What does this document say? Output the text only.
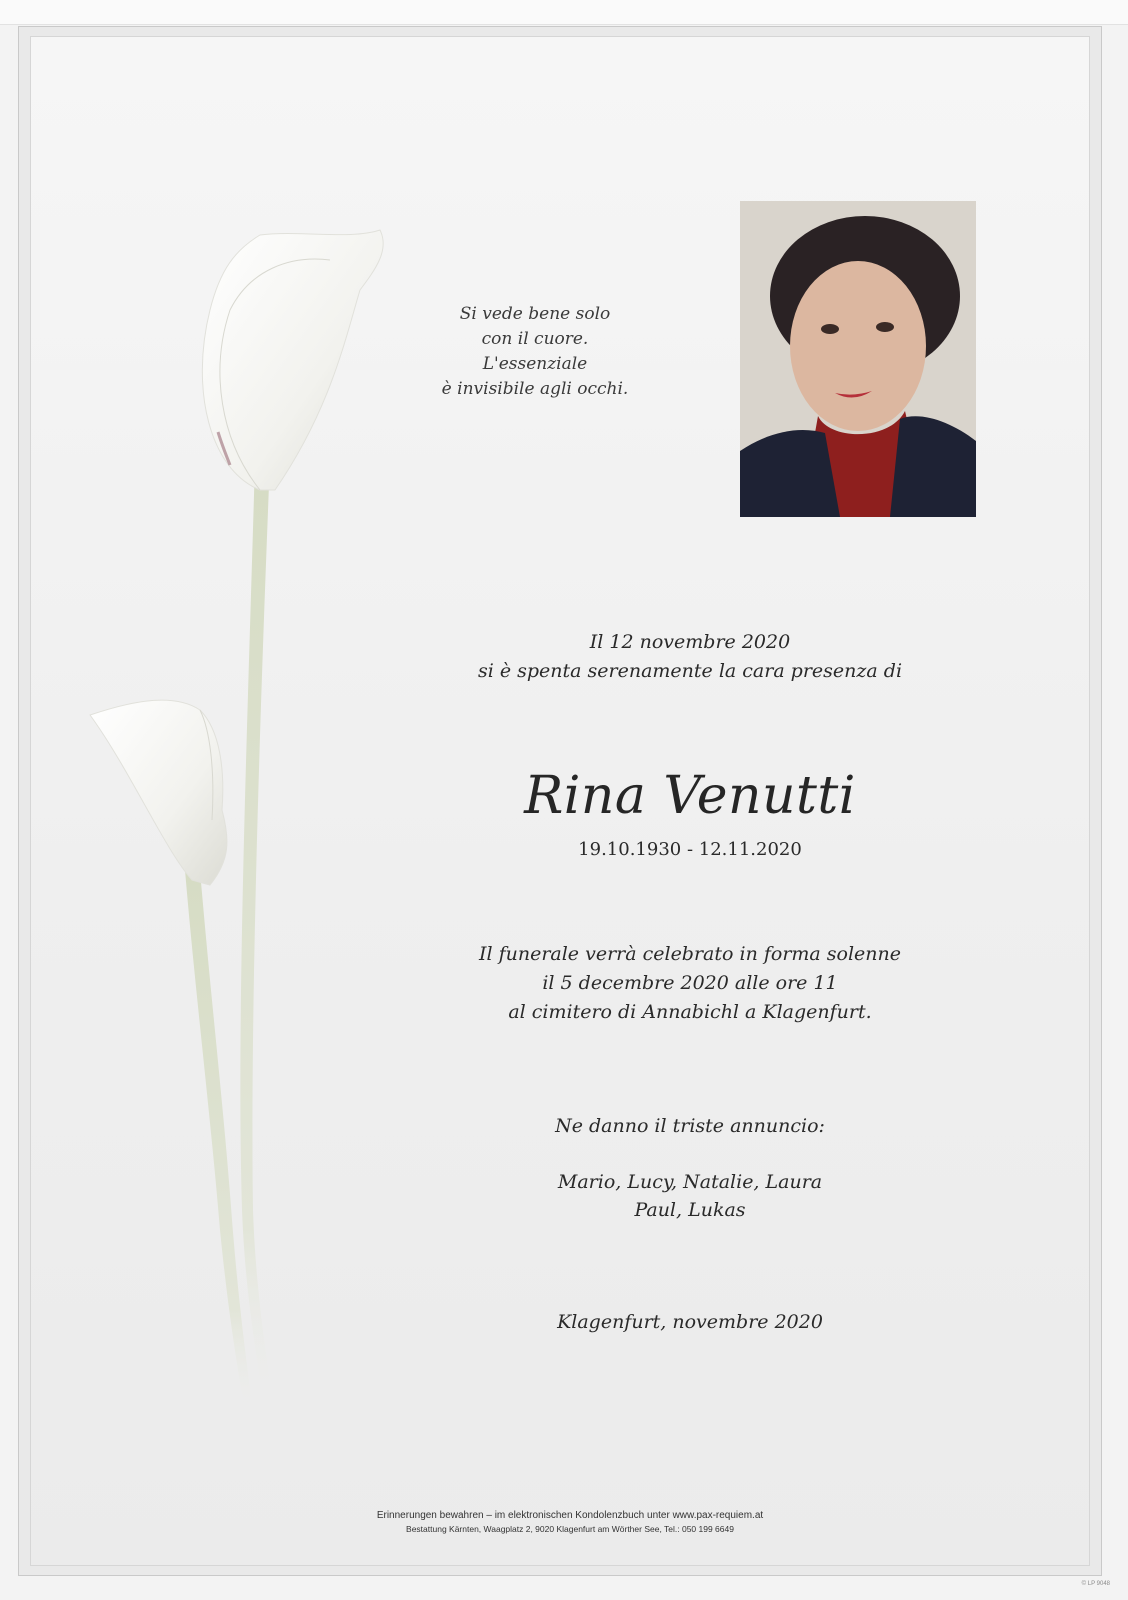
Si vede bene solo
con il cuore.
L'essenziale
è invisibile agli occhi.
Il 12 novembre 2020
si è spenta serenamente la cara presenza di
Rina Venutti
19.10.1930 - 12.11.2020
Il funerale verrà celebrato in forma solenne
il 5 decembre 2020 alle ore 11
al cimitero di Annabichl a Klagenfurt.
Ne danno il triste annuncio:
Mario, Lucy, Natalie, Laura
Paul, Lukas
Klagenfurt, novembre 2020
Erinnerungen bewahren – im elektronischen Kondolenzbuch unter www.pax-requiem.at
Bestattung Kärnten, Waagplatz 2, 9020 Klagenfurt am Wörther See, Tel.: 050 199 6649
© LP 9048
